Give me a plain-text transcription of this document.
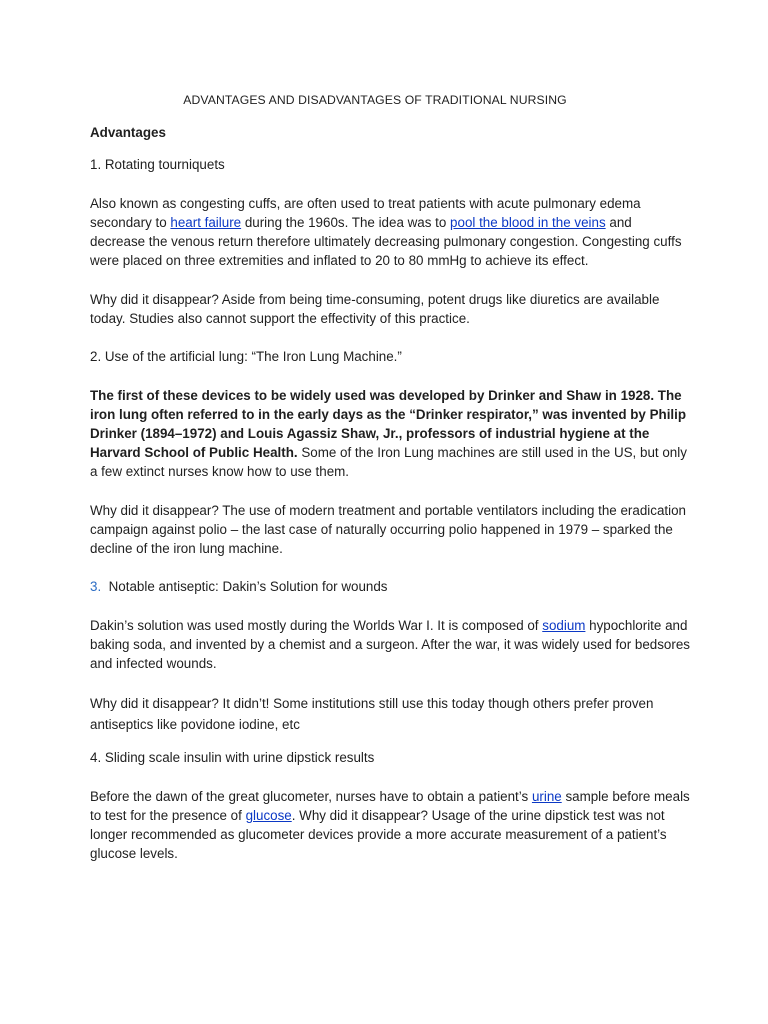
ADVANTAGES AND DISADVANTAGES OF TRADITIONAL NURSING

Advantages

1. Rotating tourniquets

Also known as congesting cuffs, are often used to treat patients with acute pulmonary edema secondary to heart failure during the 1960s. The idea was to pool the blood in the veins and decrease the venous return therefore ultimately decreasing pulmonary congestion. Congesting cuffs were placed on three extremities and inflated to 20 to 80 mmHg to achieve its effect.

Why did it disappear? Aside from being time-consuming, potent drugs like diuretics are available today. Studies also cannot support the effectivity of this practice.

2. Use of the artificial lung: “The Iron Lung Machine.”

The first of these devices to be widely used was developed by Drinker and Shaw in 1928. The iron lung often referred to in the early days as the “Drinker respirator,” was invented by Philip Drinker (1894–1972) and Louis Agassiz Shaw, Jr., professors of industrial hygiene at the Harvard School of Public Health. Some of the Iron Lung machines are still used in the US, but only a few extinct nurses know how to use them.

Why did it disappear? The use of modern treatment and portable ventilators including the eradication campaign against polio – the last case of naturally occurring polio happened in 1979 – sparked the decline of the iron lung machine.

3.  Notable antiseptic: Dakin’s Solution for wounds

Dakin’s solution was used mostly during the Worlds War I. It is composed of sodium hypochlorite and baking soda, and invented by a chemist and a surgeon. After the war, it was widely used for bedsores and infected wounds.

Why did it disappear? It didn’t! Some institutions still use this today though others prefer proven antiseptics like povidone iodine, etc

4. Sliding scale insulin with urine dipstick results

Before the dawn of the great glucometer, nurses have to obtain a patient’s urine sample before meals to test for the presence of glucose. Why did it disappear? Usage of the urine dipstick test was not longer recommended as glucometer devices provide a more accurate measurement of a patient’s glucose levels.
